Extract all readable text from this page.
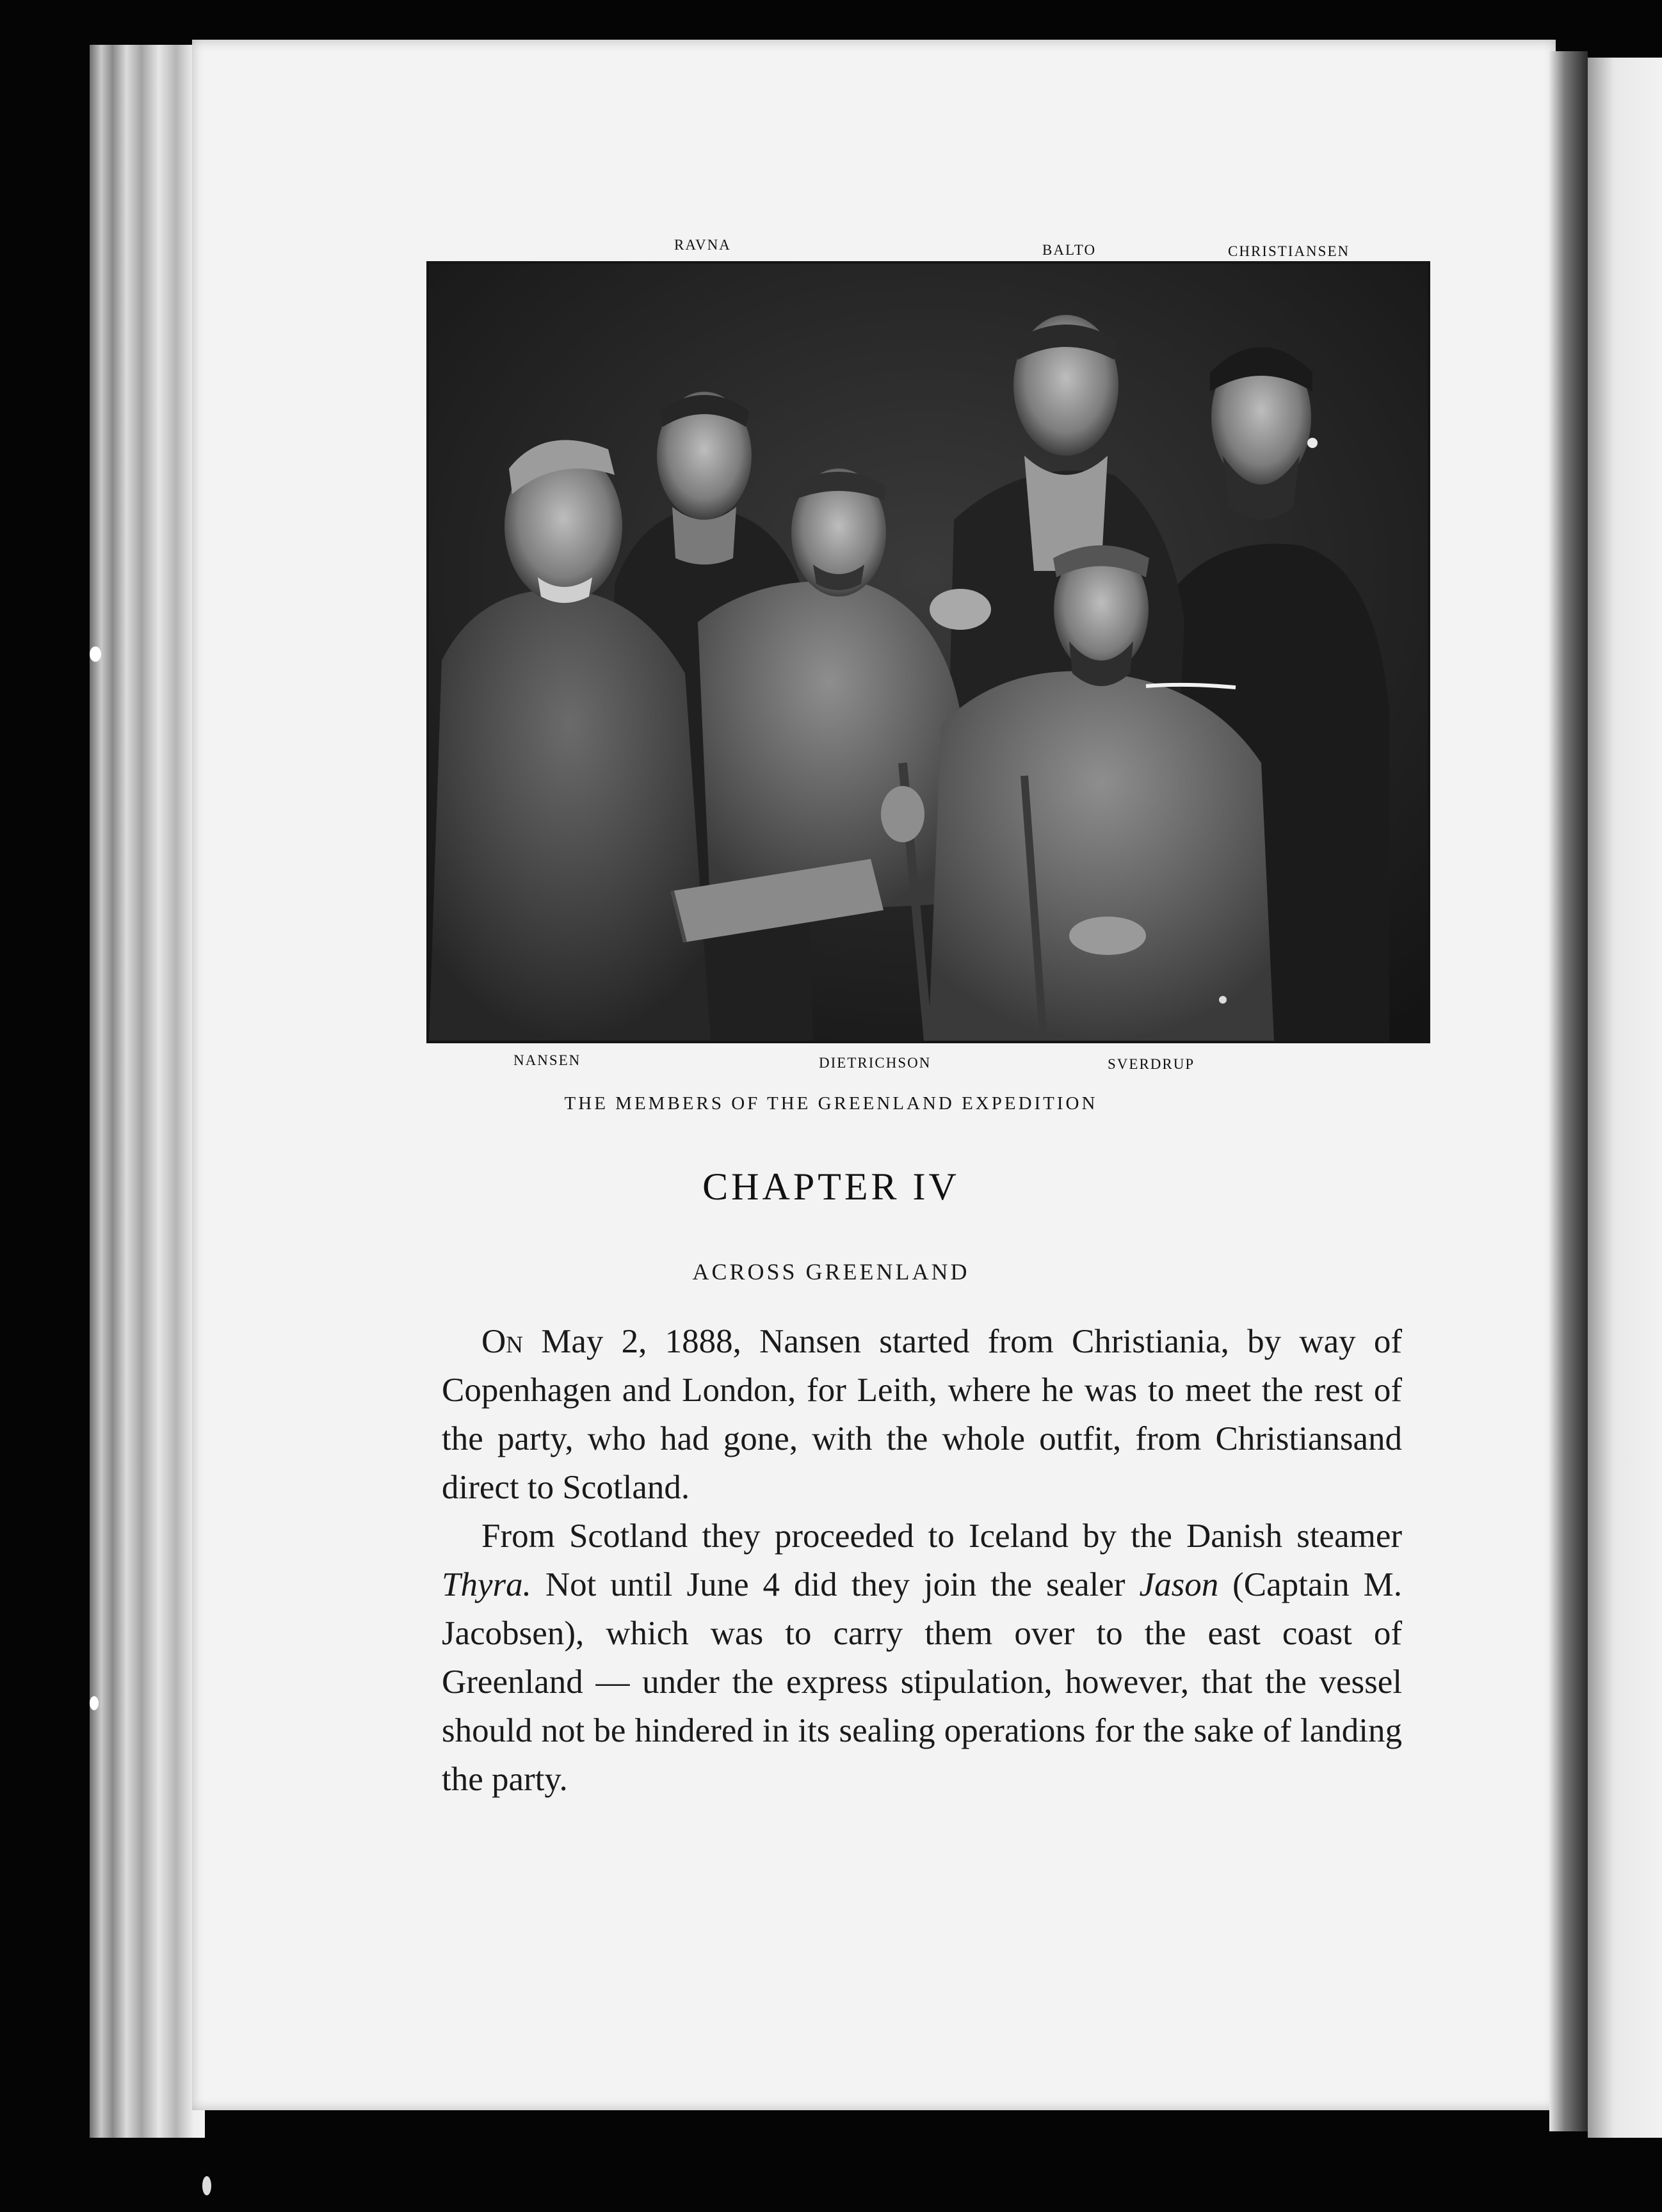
RAVNA	BALTO	CHRISTIANSEN
NANSEN	DIETRICHSON	SVERDRUP
THE MEMBERS OF THE GREENLAND EXPEDITION
CHAPTER IV
ACROSS GREENLAND

On May 2, 1888, Nansen started from Christiania, by way of Copenhagen and London, for Leith, where he was to meet the rest of the party, who had gone, with the whole outfit, from Christiansand direct to Scotland.

From Scotland they proceeded to Iceland by the Danish steamer Thyra. Not until June 4 did they join the sealer Jason (Captain M. Jacobsen), which was to carry them over to the east coast of Greenland — under the express stipulation, however, that the vessel should not be hindered in its sealing operations for the sake of landing the party.
